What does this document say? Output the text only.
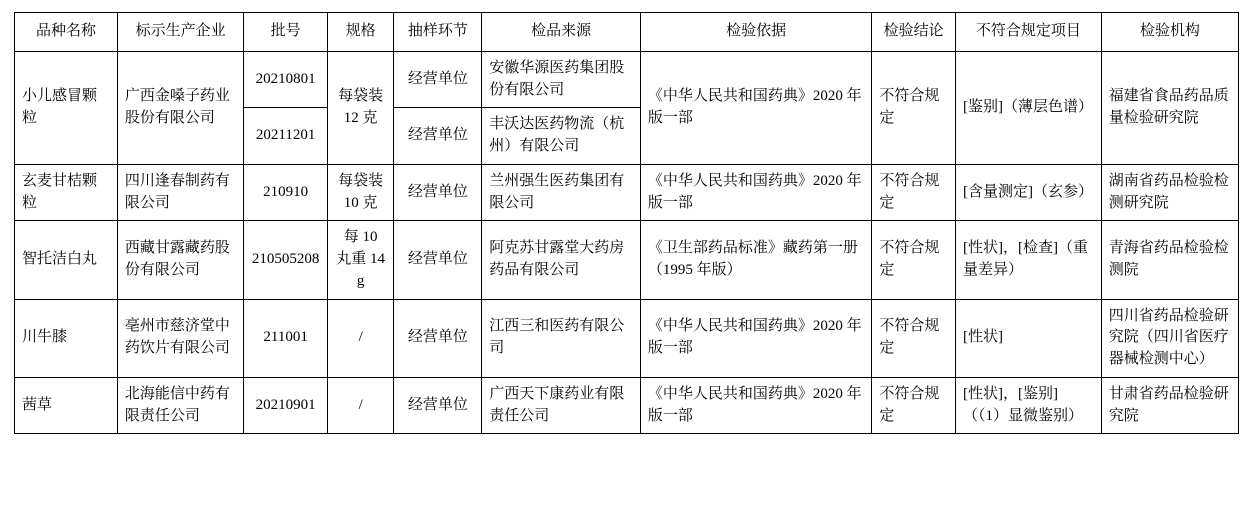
品种名称	标示生产企业	批号	规格	抽样环节	检品来源	检验依据	检验结论	不符合规定项目	检验机构
小儿感冒颗粒	广西金嗓子药业股份有限公司	20210801	每袋装 12 克	经营单位	安徽华源医药集团股份有限公司	《中华人民共和国药典》2020 年版一部	不符合规定	[鉴别]（薄层色谱）	福建省食品药品质量检验研究院
		20211201		经营单位	丰沃达医药物流（杭州）有限公司				
玄麦甘桔颗粒	四川逢春制药有限公司	210910	每袋装 10 克	经营单位	兰州强生医药集团有限公司	《中华人民共和国药典》2020 年版一部	不符合规定	[含量测定]（玄参）	湖南省药品检验检测研究院
智托洁白丸	西藏甘露藏药股份有限公司	210505208	每 10 丸重 14g	经营单位	阿克苏甘露堂大药房药品有限公司	《卫生部药品标准》藏药第一册（1995 年版）	不符合规定	[性状]，[检查]（重量差异）	青海省药品检验检测院
川牛膝	亳州市慈济堂中药饮片有限公司	211001	/	经营单位	江西三和医药有限公司	《中华人民共和国药典》2020 年版一部	不符合规定	[性状]	四川省药品检验研究院（四川省医疗器械检测中心）
茜草	北海能信中药有限责任公司	20210901	/	经营单位	广西天下康药业有限责任公司	《中华人民共和国药典》2020 年版一部	不符合规定	[性状]，[鉴别]（（1）显微鉴别）	甘肃省药品检验研究院
